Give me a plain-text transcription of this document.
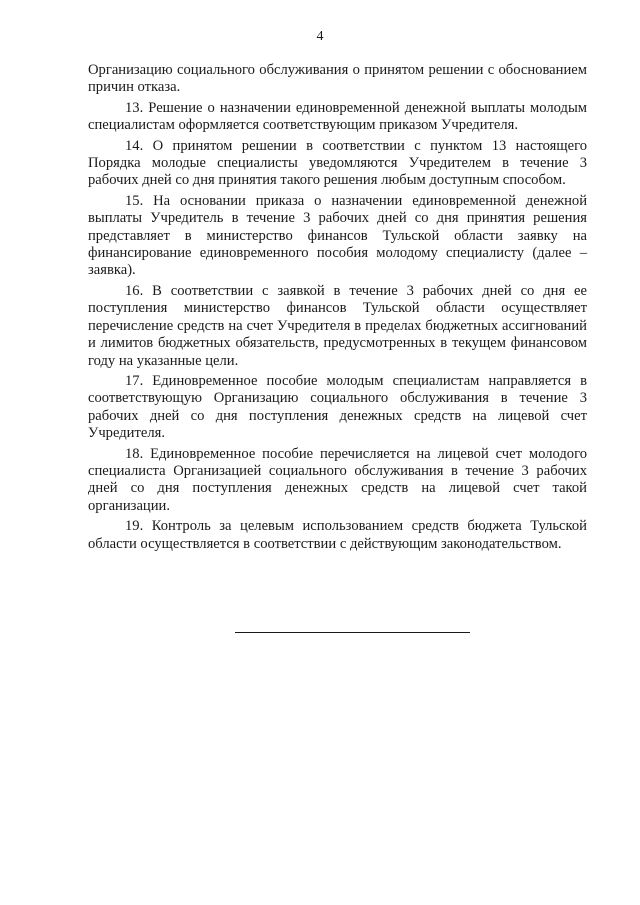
4

Организацию социального обслуживания о принятом решении с обоснованием причин отказа.

13. Решение о назначении единовременной денежной выплаты молодым специалистам оформляется соответствующим приказом Учредителя.

14. О принятом решении в соответствии с пунктом 13 настоящего Порядка молодые специалисты уведомляются Учредителем в течение 3 рабочих дней со дня принятия такого решения любым доступным способом.

15. На основании приказа о назначении единовременной денежной выплаты Учредитель в течение 3 рабочих дней со дня принятия решения представляет в министерство финансов Тульской области заявку на финансирование единовременного пособия молодому специалисту (далее – заявка).

16. В соответствии с заявкой в течение 3 рабочих дней со дня ее поступления министерство финансов Тульской области осуществляет перечисление средств на счет Учредителя в пределах бюджетных ассигнований и лимитов бюджетных обязательств, предусмотренных в текущем финансовом году на указанные цели.

17. Единовременное пособие молодым специалистам направляется в соответствующую Организацию социального обслуживания в течение 3 рабочих дней со дня поступления денежных средств на лицевой счет Учредителя.

18. Единовременное пособие перечисляется на лицевой счет молодого специалиста Организацией социального обслуживания в течение 3 рабочих дней со дня поступления денежных средств на лицевой счет такой организации.

19. Контроль за целевым использованием средств бюджета Тульской области осуществляется в соответствии с действующим законодательством.
